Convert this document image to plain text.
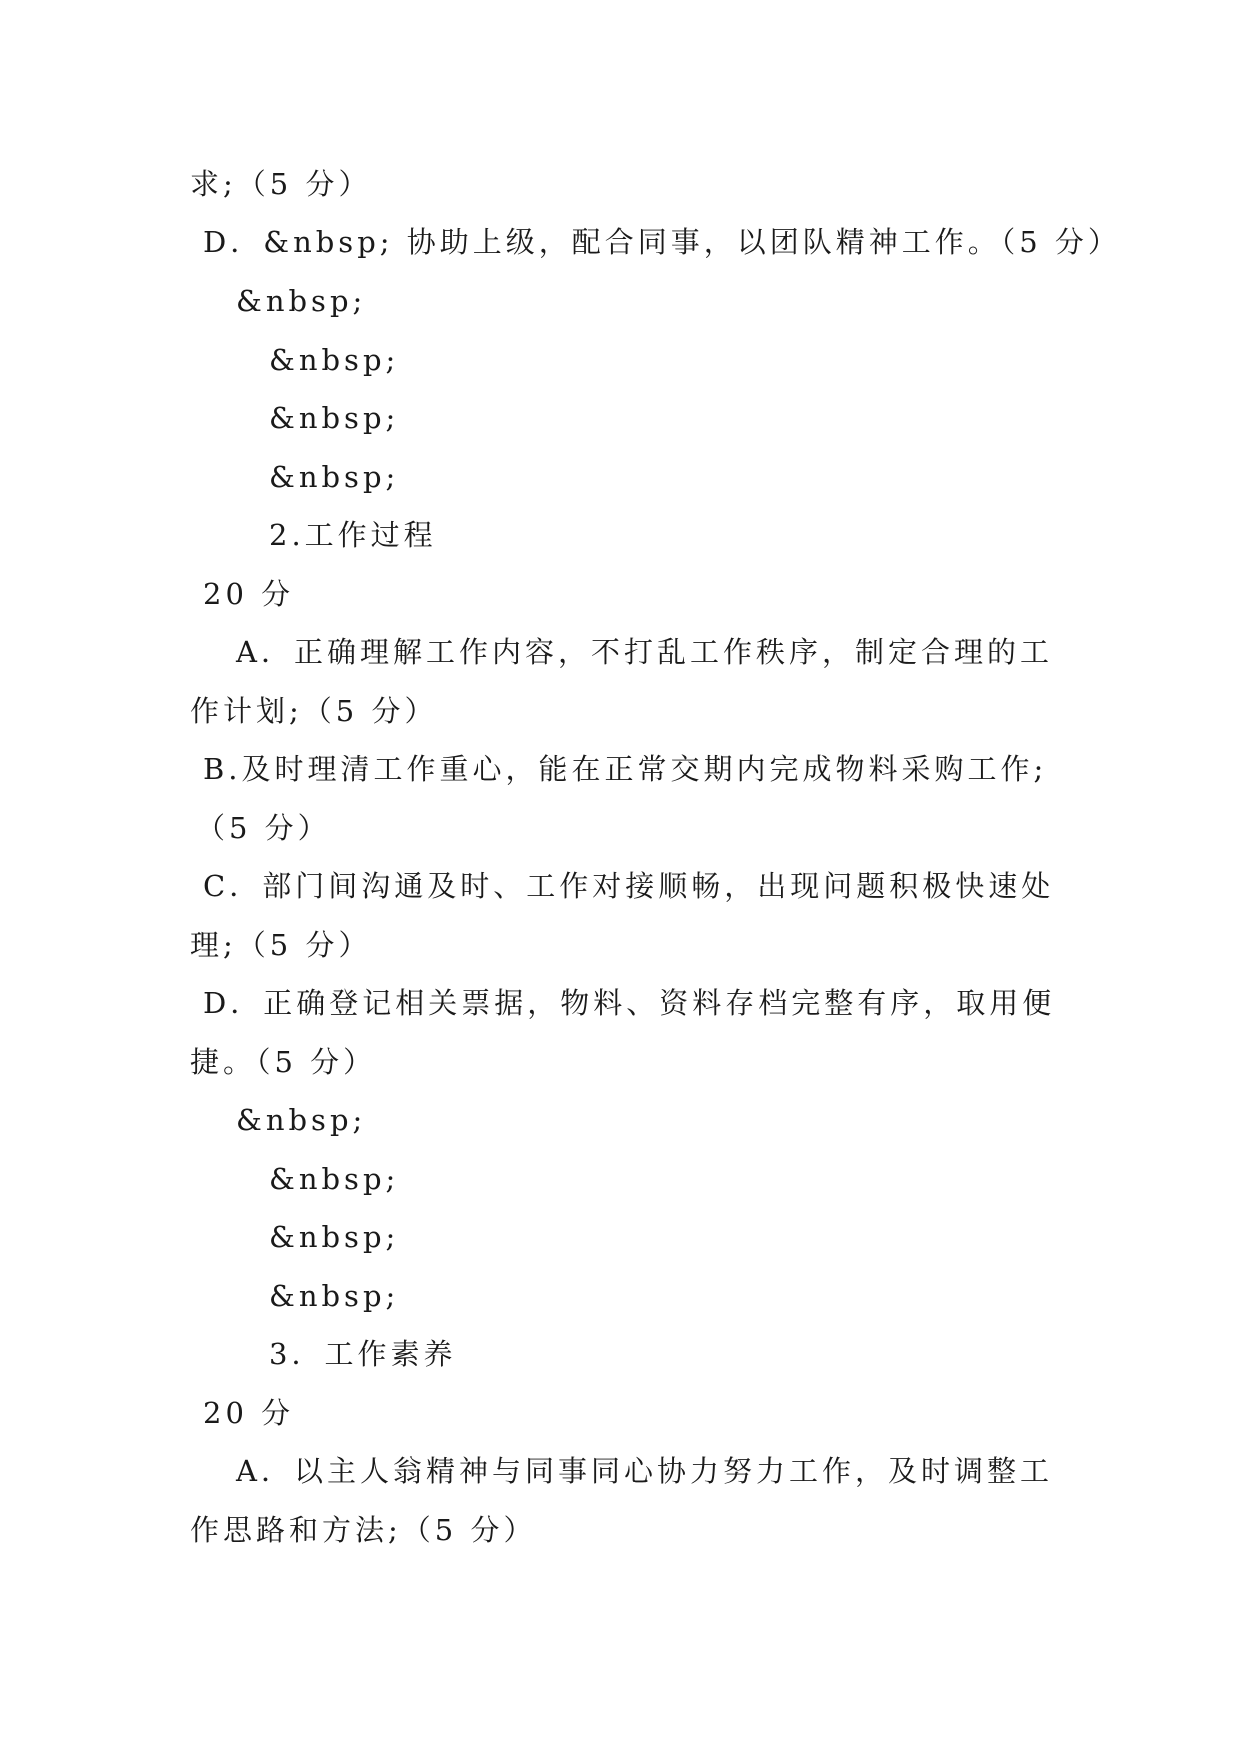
求;（5 分）
D．&nbsp; 协助上级，配合同事，以团队精神工作。（5 分）
&nbsp;
&nbsp;
&nbsp;
&nbsp;
2.工作过程
20 分
A．正确理解工作内容，不打乱工作秩序，制定合理的工
作计划;（5 分）
B.及时理清工作重心，能在正常交期内完成物料采购工作;
（5 分）
C．部门间沟通及时、工作对接顺畅，出现问题积极快速处
理;（5 分）
D．正确登记相关票据，物料、资料存档完整有序，取用便
捷。（5 分）
&nbsp;
&nbsp;
&nbsp;
&nbsp;
3．工作素养
20 分
A．以主人翁精神与同事同心协力努力工作，及时调整工
作思路和方法;（5 分）
